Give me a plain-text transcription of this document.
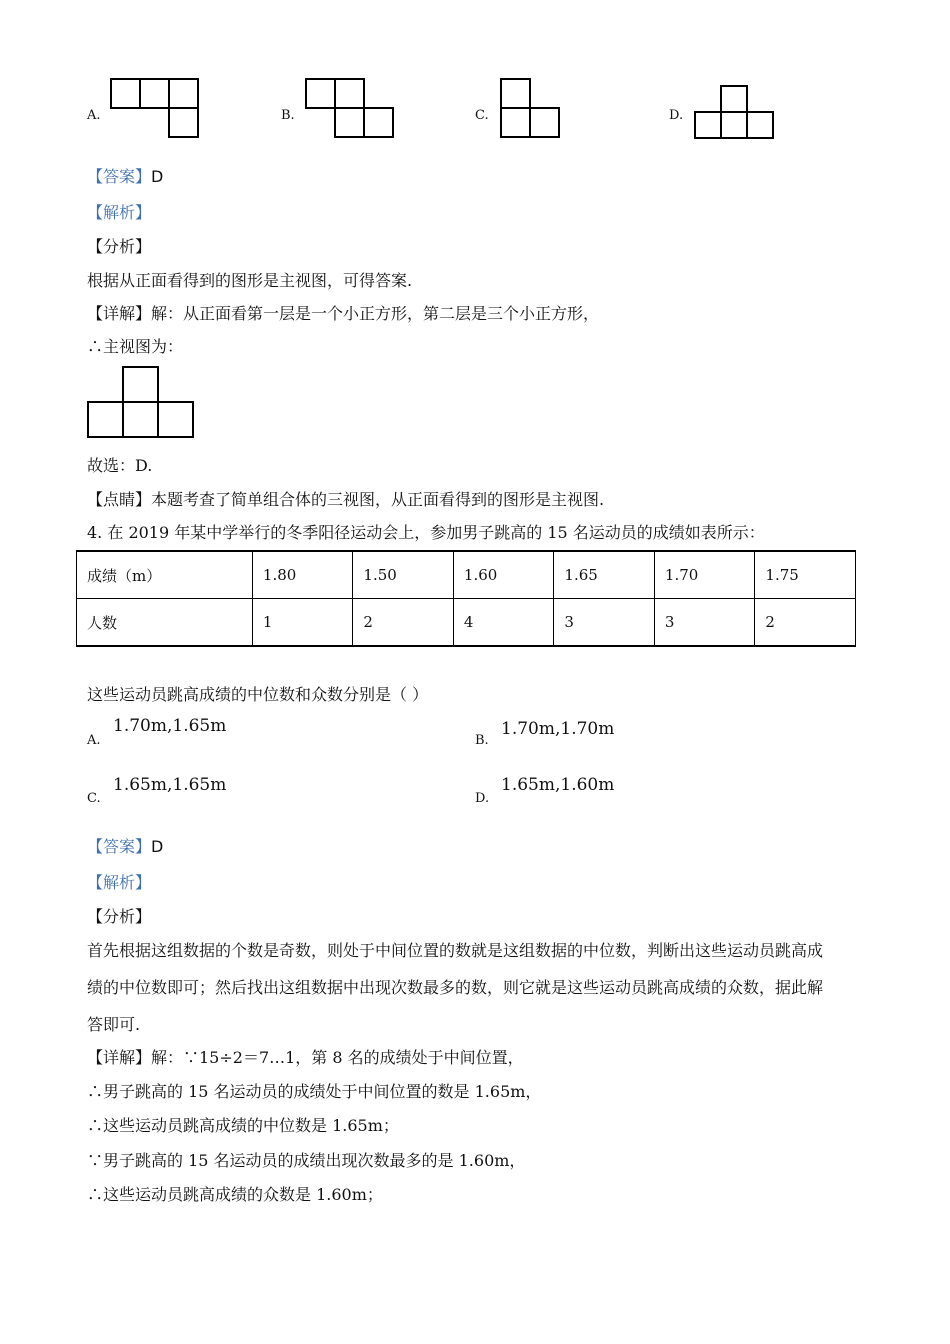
A.	B.	C.	D.
【答案】D
【解析】
【分析】
根据从正面看得到的图形是主视图，可得答案.
【详解】解：从正面看第一层是一个小正方形，第二层是三个小正方形，
∴主视图为：
故选：D.
【点睛】本题考查了简单组合体的三视图，从正面看得到的图形是主视图.
4. 在 2019 年某中学举行的冬季阳径运动会上，参加男子跳高的 15 名运动员的成绩如表所示：
成绩（m）	1.80	1.50	1.60	1.65	1.70	1.75
人数	1	2	4	3	3	2
这些运动员跳高成绩的中位数和众数分别是（ ）
A.
1.70m,1.65m
B.
1.70m,1.70m
C.
1.65m,1.65m
D.
1.65m,1.60m
【答案】D
【解析】
【分析】
首先根据这组数据的个数是奇数，则处于中间位置的数就是这组数据的中位数，判断出这些运动员跳高成
绩的中位数即可；然后找出这组数据中出现次数最多的数，则它就是这些运动员跳高成绩的众数，据此解
答即可.
【详解】解：∵15÷2＝7…1，第 8 名的成绩处于中间位置，
∴男子跳高的 15 名运动员的成绩处于中间位置的数是 1.65m，
∴这些运动员跳高成绩的中位数是 1.65m；
∵男子跳高的 15 名运动员的成绩出现次数最多的是 1.60m，
∴这些运动员跳高成绩的众数是 1.60m；
